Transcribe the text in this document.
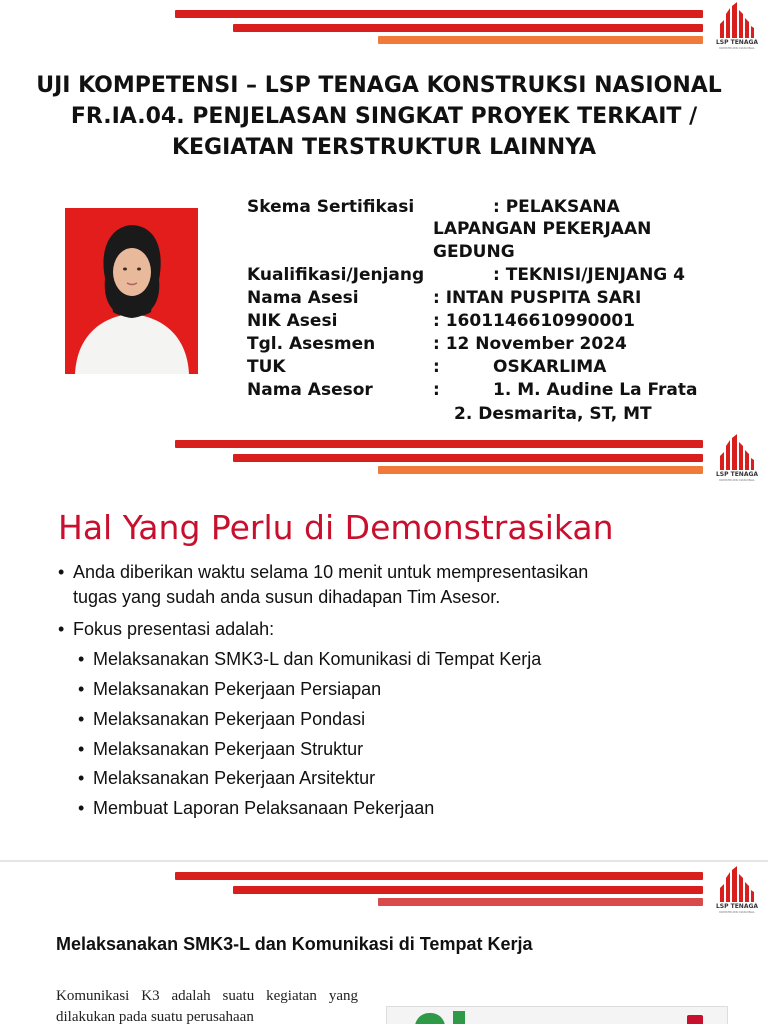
LSP TENAGA
KONSTRUKSI NASIONAL
UJI KOMPETENSI – LSP TENAGA KONSTRUKSI NASIONAL
FR.IA.04. PENJELASAN SINGKAT PROYEK TERKAIT /
KEGIATAN TERSTRUKTUR LAINNYA
Skema Sertifikasi	: PELAKSANA
LAPANGAN PEKERJAAN
GEDUNG
Kualifikasi/Jenjang	: TEKNISI/JENJANG 4
Nama Asesi	: INTAN PUSPITA SARI
NIK Asesi	: 1601146610990001
Tgl. Asesmen	: 12 November 2024
TUK	:	OSKARLIMA
Nama Asesor	:	1. M. Audine La Frata
2. Desmarita, ST, MT
LSP TENAGA
KONSTRUKSI NASIONAL
Hal Yang Perlu di Demonstrasikan
• Anda diberikan waktu selama 10 menit untuk mempresentasikan
tugas yang sudah anda susun dihadapan Tim Asesor.
• Fokus presentasi adalah:
• Melaksanakan SMK3-L dan Komunikasi di Tempat Kerja
• Melaksanakan Pekerjaan Persiapan
• Melaksanakan Pekerjaan Pondasi
• Melaksanakan Pekerjaan Struktur
• Melaksanakan Pekerjaan Arsitektur
• Membuat Laporan Pelaksanaan Pekerjaan
LSP TENAGA
KONSTRUKSI NASIONAL
Melaksanakan SMK3-L dan Komunikasi di Tempat Kerja
Komunikasi K3 adalah suatu kegiatan yang dilakukan pada suatu perusahaan
